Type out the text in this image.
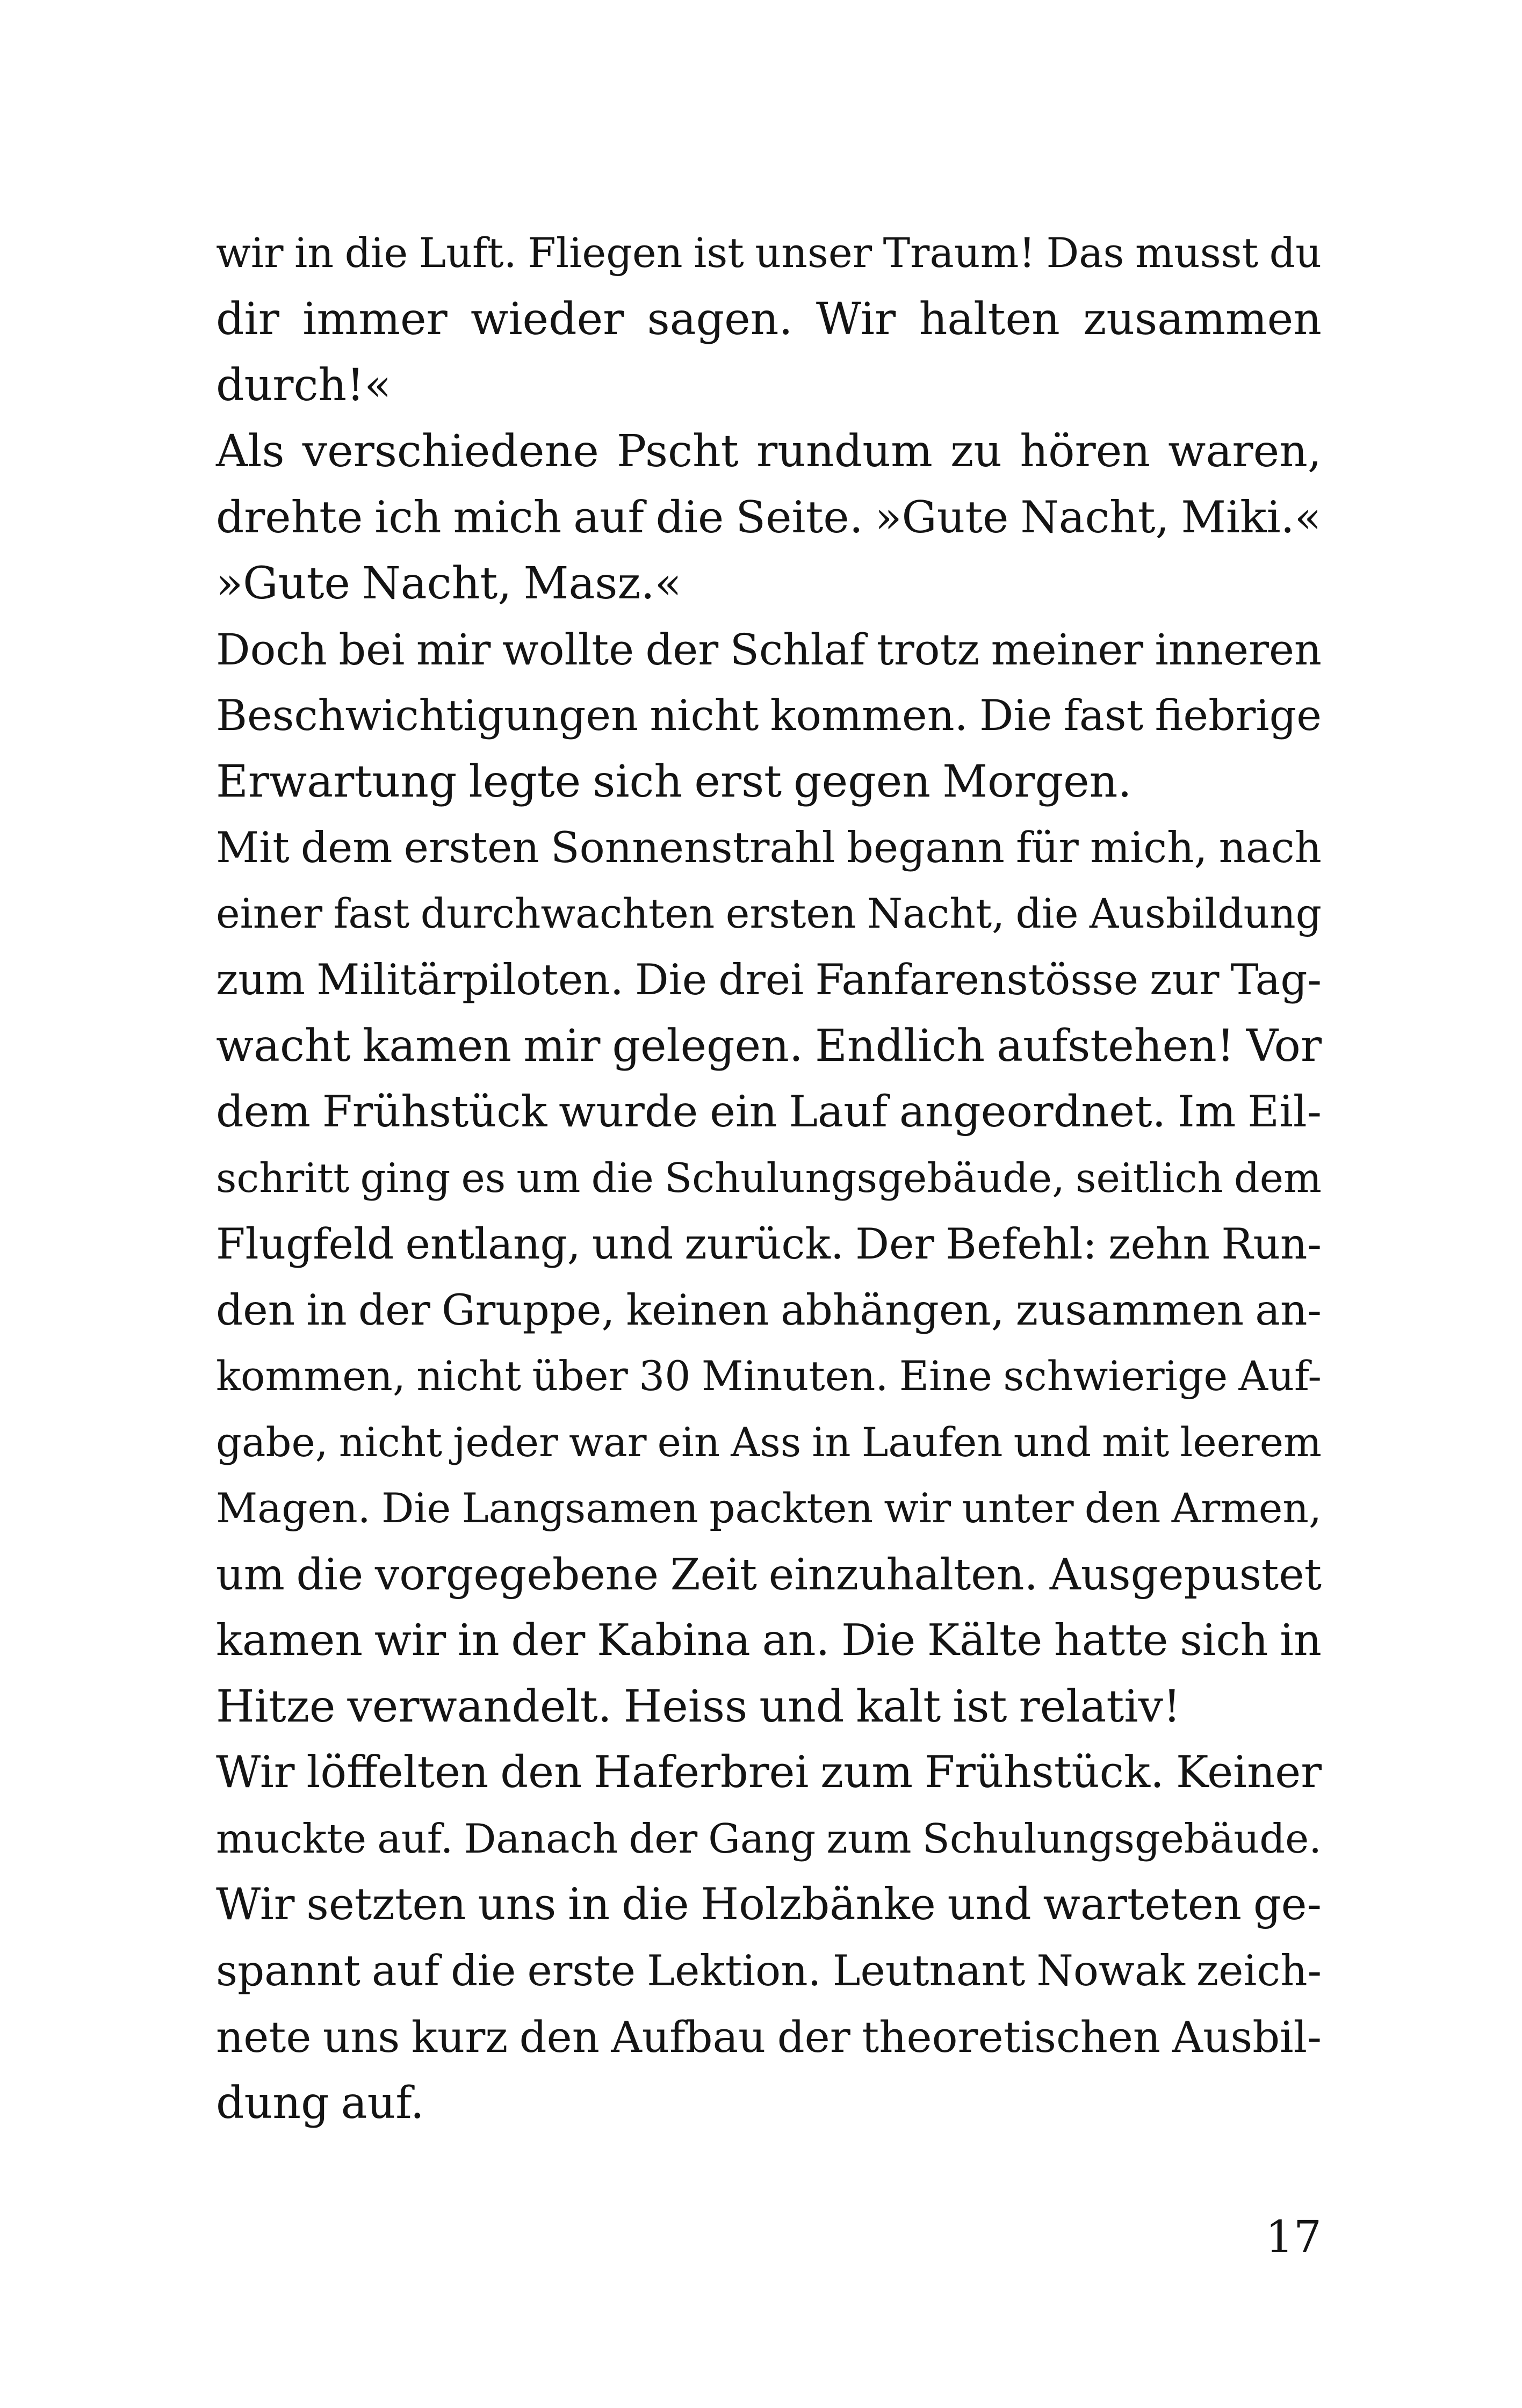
wir in die Luft. Fliegen ist unser Traum! Das musst du
dir immer wieder sagen. Wir halten zusammen
durch!«
Als verschiedene Pscht rundum zu hören waren,
drehte ich mich auf die Seite. »Gute Nacht, Miki.«
»Gute Nacht, Masz.«
Doch bei mir wollte der Schlaf trotz meiner inneren
Beschwichtigungen nicht kommen. Die fast fiebrige
Erwartung legte sich erst gegen Morgen.
Mit dem ersten Sonnenstrahl begann für mich, nach
einer fast durchwachten ersten Nacht, die Ausbildung
zum Militärpiloten. Die drei Fanfarenstösse zur Tag-
wacht kamen mir gelegen. Endlich aufstehen! Vor
dem Frühstück wurde ein Lauf angeordnet. Im Eil-
schritt ging es um die Schulungsgebäude, seitlich dem
Flugfeld entlang, und zurück. Der Befehl: zehn Run-
den in der Gruppe, keinen abhängen, zusammen an-
kommen, nicht über 30 Minuten. Eine schwierige Auf-
gabe, nicht jeder war ein Ass in Laufen und mit leerem
Magen. Die Langsamen packten wir unter den Armen,
um die vorgegebene Zeit einzuhalten. Ausgepustet
kamen wir in der Kabina an. Die Kälte hatte sich in
Hitze verwandelt. Heiss und kalt ist relativ!
Wir löffelten den Haferbrei zum Frühstück. Keiner
muckte auf. Danach der Gang zum Schulungsgebäude.
Wir setzten uns in die Holzbänke und warteten ge-
spannt auf die erste Lektion. Leutnant Nowak zeich-
nete uns kurz den Aufbau der theoretischen Ausbil-
dung auf.
17
